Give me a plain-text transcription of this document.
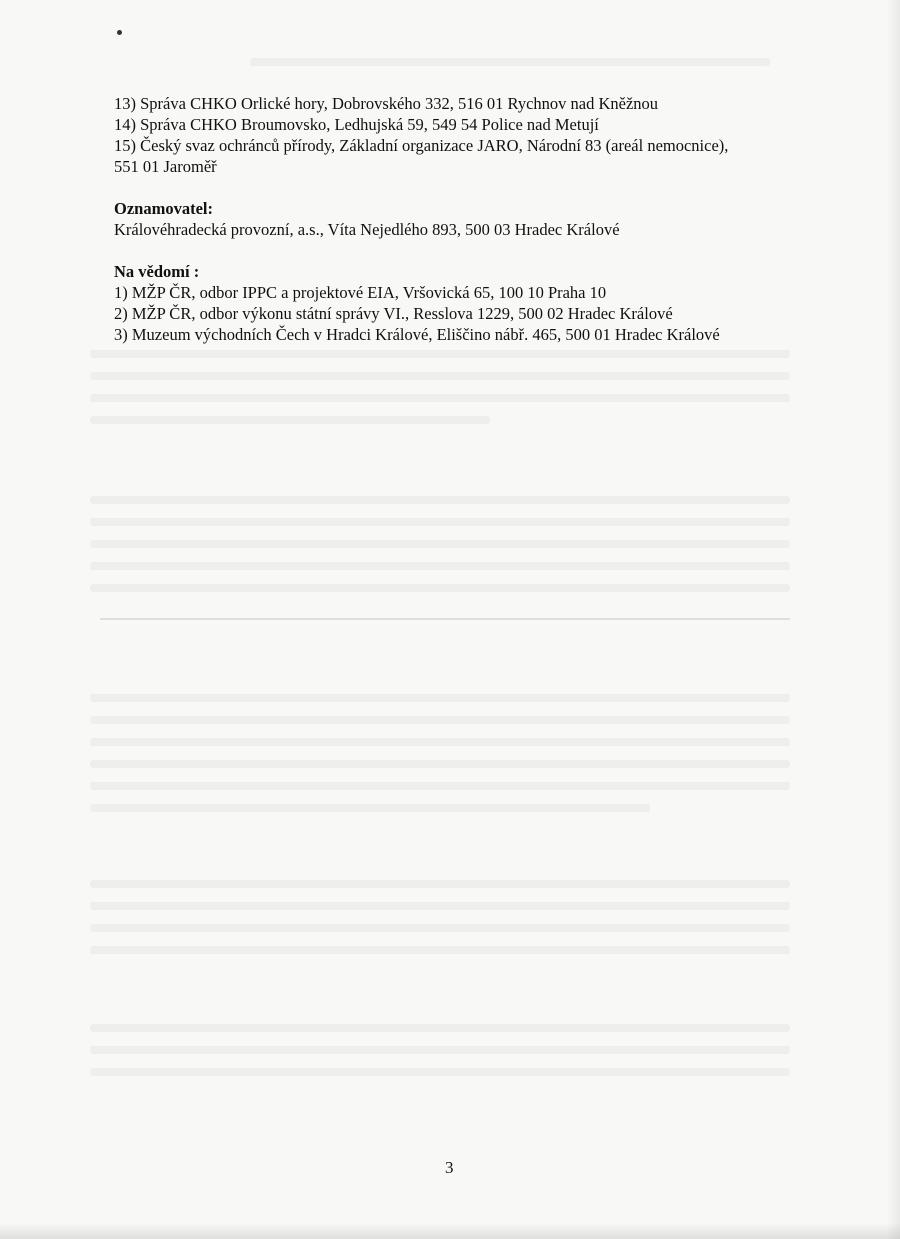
13) Správa CHKO Orlické hory, Dobrovského 332, 516 01 Rychnov nad Kněžnou
14) Správa CHKO Broumovsko, Ledhujská 59, 549 54 Police nad Metují
15) Český svaz ochránců přírody, Základní organizace JARO, Národní 83 (areál nemocnice),
551 01 Jaroměř
Oznamovatel:
Královéhradecká provozní, a.s., Víta Nejedlého 893, 500 03 Hradec Králové
Na vědomí :
1) MŽP ČR, odbor IPPC a projektové EIA, Vršovická 65, 100 10 Praha 10
2) MŽP ČR, odbor výkonu státní správy VI., Resslova 1229, 500 02 Hradec Králové
3) Muzeum východních Čech v Hradci Králové, Eliščino nábř. 465, 500 01 Hradec Králové
3
